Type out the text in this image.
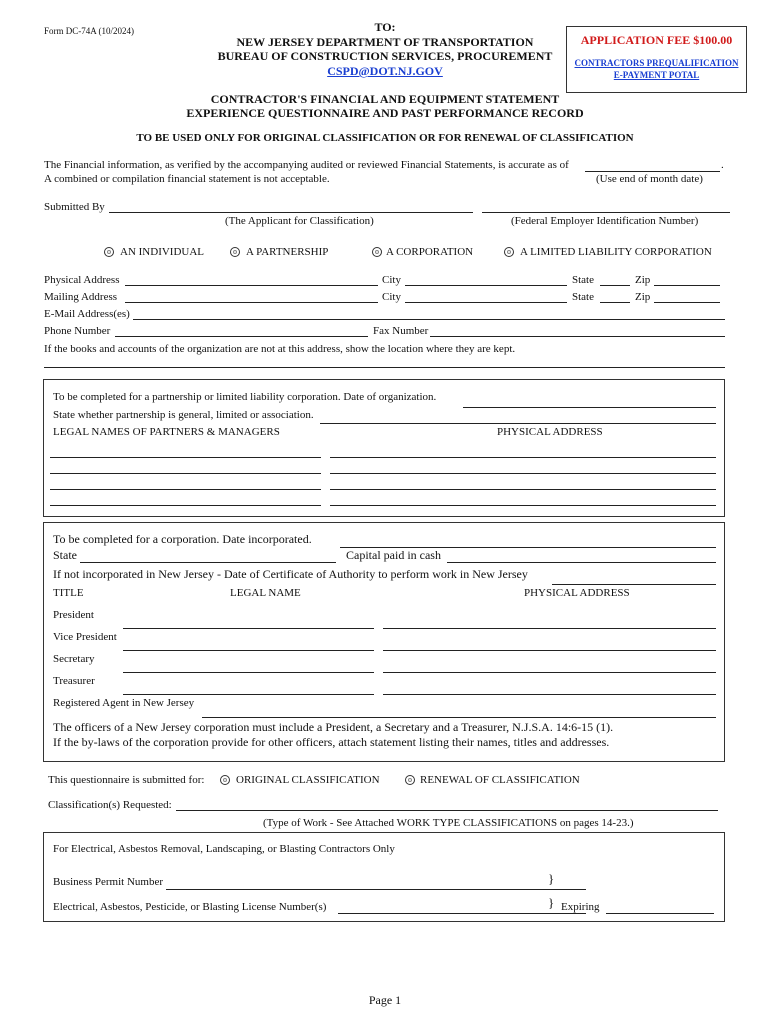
Form DC-74A (10/2024)	TO:
NEW JERSEY DEPARTMENT OF TRANSPORTATION
BUREAU OF CONSTRUCTION SERVICES, PROCUREMENT
CSPD@DOT.NJ.GOV
APPLICATION FEE $100.00
CONTRACTORS PREQUALIFICATION
E-PAYMENT POTAL
CONTRACTOR'S FINANCIAL AND EQUIPMENT STATEMENT
EXPERIENCE QUESTIONNAIRE AND PAST PERFORMANCE RECORD
TO BE USED ONLY FOR ORIGINAL CLASSIFICATION OR FOR RENEWAL OF CLASSIFICATION
The Financial information, as verified by the accompanying audited or reviewed Financial Statements, is accurate as of	.
A combined or compilation financial statement is not acceptable.	(Use end of month date)
Submitted By
(The Applicant for Classification)	(Federal Employer Identification Number)
AN INDIVIDUAL	A PARTNERSHIP	A CORPORATION	A LIMITED LIABILITY CORPORATION
Physical Address	City	State	Zip
Mailing Address	City	State	Zip
E-Mail Address(es)
Phone Number	Fax Number
If the books and accounts of the organization are not at this address, show the location where they are kept.
To be completed for a partnership or limited liability corporation. Date of organization.
State whether partnership is general, limited or association.
LEGAL NAMES OF PARTNERS & MANAGERS	PHYSICAL ADDRESS
To be completed for a corporation. Date incorporated.
State	Capital paid in cash
If not incorporated in New Jersey - Date of Certificate of Authority to perform work in New Jersey
TITLE	LEGAL NAME	PHYSICAL ADDRESS
President
Vice President
Secretary
Treasurer
Registered Agent in New Jersey
The officers of a New Jersey corporation must include a President, a Secretary and a Treasurer, N.J.S.A. 14:6-15 (1).
If the by-laws of the corporation provide for other officers, attach statement listing their names, titles and addresses.
This questionnaire is submitted for:	ORIGINAL CLASSIFICATION	RENEWAL OF CLASSIFICATION
Classification(s) Requested:
(Type of Work - See Attached WORK TYPE CLASSIFICATIONS on pages 14-23.)
For Electrical, Asbestos Removal, Landscaping, or Blasting Contractors Only
Business Permit Number	}
Electrical, Asbestos, Pesticide, or Blasting License Number(s)	} Expiring
Page 1
